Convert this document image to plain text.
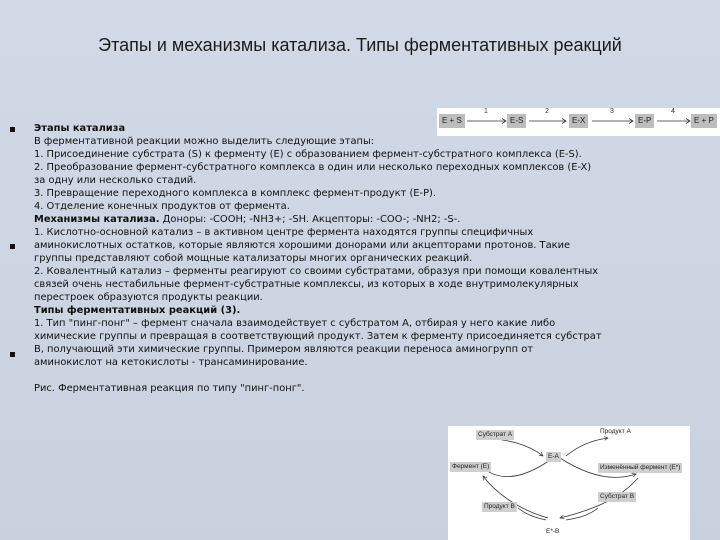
Этапы и механизмы катализа. Типы ферментативных реакций
E + S
1
E-S
2
E-X
3
E-P
4
E + P

Этапы катализа

В ферментативной реакции можно выделить следующие этапы:

1. Присоединение субстрата (S) к ферменту (E) с образованием фермент-субстратного комплекса (E-S).

2. Преобразование фермент-субстратного комплекса в один или несколько переходных комплексов (E-X)

за одну или несколько стадий.

3. Превращение переходного комплекса в комплекс фермент-продукт (E-P).

4. Отделение конечных продуктов от фермента.

Механизмы катализа. Доноры: -COOH; -NH3+; -SH. Акцепторы: -COO-; -NH2; -S-.

1. Кислотно-основной катализ – в активном центре фермента находятся группы специфичных

аминокислотных остатков, которые являются хорошими донорами или акцепторами протонов. Такие

группы представляют собой мощные катализаторы многих органических реакций.

2. Ковалентный катализ – ферменты реагируют со своими субстратами, образуя при помощи ковалентных

связей очень нестабильные фермент-субстратные комплексы, из которых в ходе внутримолекулярных

перестроек образуются продукты реакции.

Типы ферментативных реакций (3).

1. Тип "пинг-понг" – фермент сначала взаимодействует с субстратом А, отбирая у него какие либо

химические группы и превращая в соответствующий продукт. Затем к ферменту присоединяется субстрат

В, получающий эти химические группы. Примером являются реакции переноса аминогрупп от

аминокислот на кетокислоты - трансаминирование.

Рис. Ферментативная реакция по типу "пинг-понг".

Субстрат А
E-A
Продукт А
Фермент (E)	Изменённый фермент (E*)
Продукт В
Субстрат В
E*-B
